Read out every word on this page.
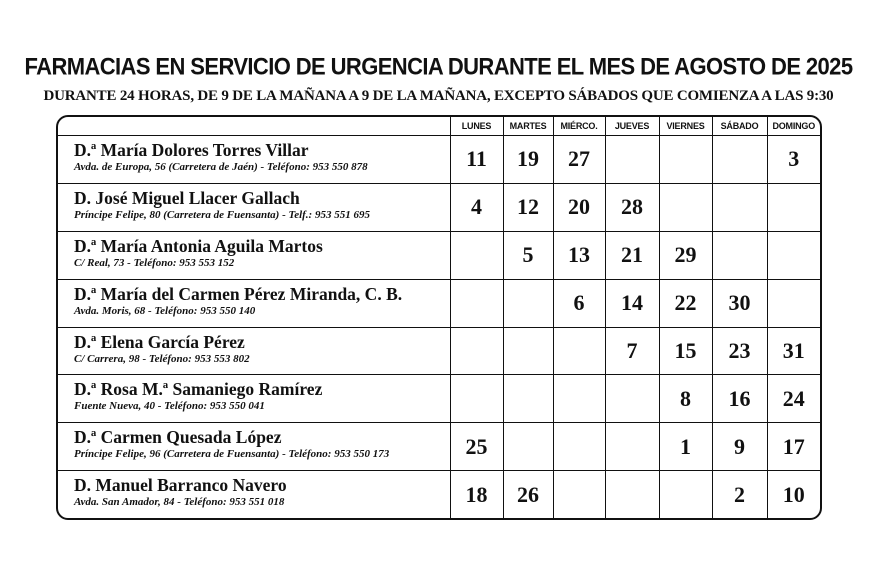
FARMACIAS EN SERVICIO DE URGENCIA DURANTE EL MES DE AGOSTO DE 2025
DURANTE 24 HORAS, DE 9 DE LA MAÑANA A 9 DE LA MAÑANA, EXCEPTO SÁBADOS QUE COMIENZA A LAS 9:30
	LUNES	MARTES	MIÉRCO.	JUEVES	VIERNES	SÁBADO	DOMINGO

D.ª María Dolores Torres Villar
Avda. de Europa, 56 (Carretera de Jaén) - Teléfono: 953 550 878	11	19	27				3

D. José Miguel Llacer Gallach
Príncipe Felipe, 80 (Carretera de Fuensanta) - Telf.: 953 551 695	4	12	20	28			

D.ª María Antonia Aguila Martos
C/ Real, 73 - Teléfono: 953 553 152		5	13	21	29		

D.ª María del Carmen Pérez Miranda, C. B.
Avda. Moris, 68 - Teléfono: 953 550 140			6	14	22	30	

D.ª Elena García Pérez
C/ Carrera, 98 - Teléfono: 953 553 802				7	15	23	31

D.ª Rosa M.ª Samaniego Ramírez
Fuente Nueva, 40 - Teléfono: 953 550 041					8	16	24

D.ª Carmen Quesada López
Príncipe Felipe, 96 (Carretera de Fuensanta) - Teléfono: 953 550 173	25				1	9	17

D. Manuel Barranco Navero
Avda. San Amador, 84 - Teléfono: 953 551 018	18	26				2	10
